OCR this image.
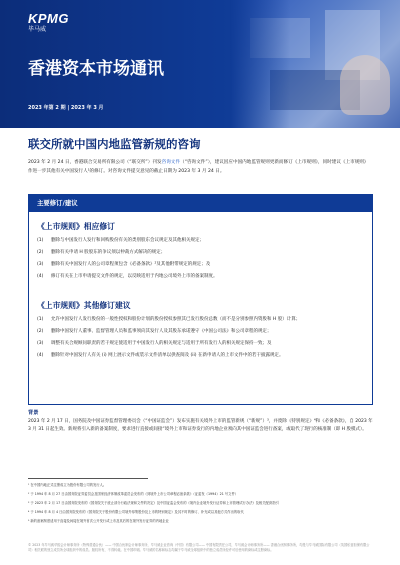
KPMG
毕马威
香港资本市场通讯
2023 年第 2 期 | 2023 年 3 月
联交所就中国内地监管新规的咨询
2023 年 2 月 24 日，香港联合交易所有限公司（“联交所”）刊发咨询文件（“咨询文件”），建议因应中国内地监管规则更新而修订《上市规则》，同时建议《上市规则》作进一步其他有关中国发行人¹的修订。对咨询文件提交意见的截止日期为 2023 年 3 月 24 日。
主要修订/建议
《上市规则》相应修订
(1) 删除与中国发行人发行和回购股份有关的类别股东会议规定及其他相关规定；
(2) 删除有关申请 H 股股东的争议须以仲裁方式解决的规定；
(3) 删除有关中国发行人的公司章程须包含《必备条款》²及其他附带规定的规定；及
(4) 修订有关在上市申请提交文件的规定，以反映适用于内地公司境外上市的备案制度。
《上市规则》其他修订建议
(1) 允许中国发行人发行股份的一般性授权和股份计划的股份授权参照其已发行股份总数（而不是分别参照内资股和 H 股）计算；
(2) 删除中国发行人董事、监督管理人员和监事须向其发行人及其股东承诺遵守《中国公司法》和公司章程的规定；
(3) 调整有关合规顾问职责的若干规定使适用于中国发行人的相关规定与适用于所有发行人的相关规定保持一致；及
(4) 删除针对中国发行人有关 (i) 网上展示文件或装示文件清单以供查阅及 (ii) 在新申请人的上市文件中的若干披露规定。
背景
2023 年 2 月 17 日，国务院及中国证券监督管理委员会（“中国证监会”）发布实施有关境外上市的监管新规（“新规”）³，并废除《特别规定》⁴和《必备条款》，自 2023 年 3 月 31 日起生效。新规将引入新的备案制度，要求进行直接或间接“境外上市和证券发行的内地企业须向其中国证监会进行备案，或取代了现行的核准制（即 H 股模式）。
¹ 在中国内地正式注册成立为股份有限公司的发行人。
² 于 1994 年 8 月 27 日由国务院证券委员会及国家经济体制改革委员会发布的《到境外上市公司章程必备条款》（证委发（1994）21 号文件）
³ 于 2023 年 2 月 17 日由国务院发布的《国务院关于废止部分行政法规和文件的决定》及中国证监会发布的《境内企业境外发行证券和上市管理试行办法》及相关配套指引
⁴ 于 1994 年 8 月 4 日由国务院发布的《国务院关于股份有限公司境外募集股份及上市的特别规定》及其不时的修订、补充或以其他方式作出的取代
⁵ 新的备案制度适用于直接及间接在境外首次公开发行或上市及其后的在境外发行证券的内地企业
© 2023 年毕马威华振会计师事务所（特殊普通合伙）—— 中国合伙制会计师事务所，毕马威企业咨询（中国）有限公司—— 中国有限责任公司，毕马威会计师事务所—— 香港合伙制事务所，均是与毕马威国际有限公司（英国私营担保有限公司）相关联的独立成员所全球组织中的成员。版权所有，不得转载。在中国印刷。毕马威的名称和标志均属于毕马威全球组织中的独立成员所经许可后使用的商标或注册商标。
